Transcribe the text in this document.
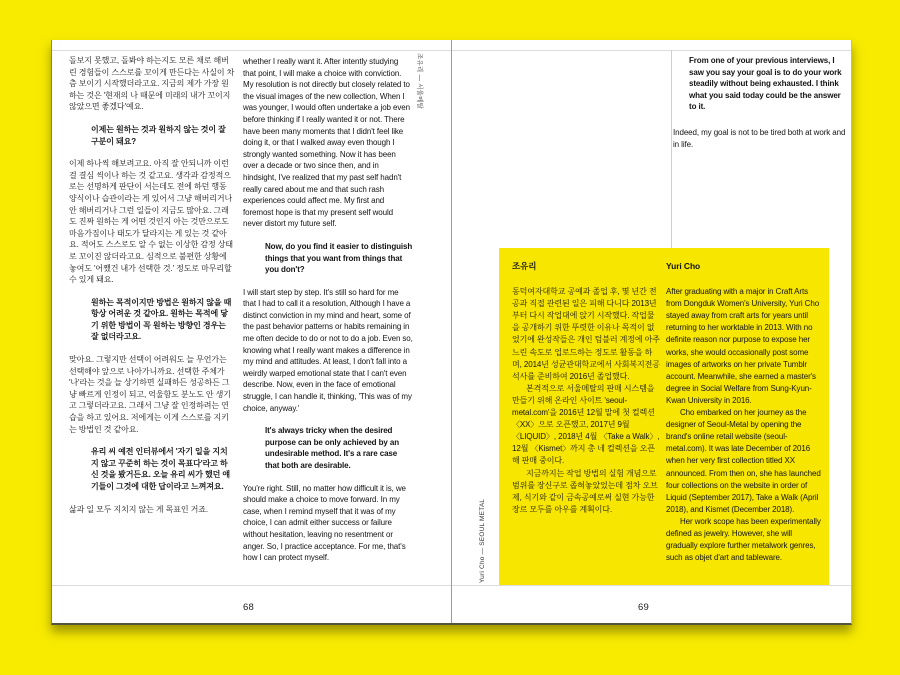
돌보지 못했고, 돌봐야 하는지도 모른 채로 해버린 경험들이 스스로를 꼬이게 만든다는 사실이 차츰 보이기 시작했더라고요. 지금의 제가 가장 원하는 것은 '현재의 나 때문에 미래의 내가 꼬이지 않았으면 좋겠다'예요.

이제는 원하는 것과 원하지 않는 것이 잘 구분이 돼요?

이제 하나씩 해보려고요. 아직 잘 안되니까 이런 걸 결심 씩이나 하는 것 같고요. 생각과 감정적으로는 선명하게 판단이 서는데도 전에 하던 행동 양식이나 습관이라는 게 있어서 그냥 해버리거나 안 해버리거나 그런 일들이 지금도 많아요. 그래도 진짜 원하는 게 어떤 것인지 아는 것만으로도 마음가짐이나 태도가 달라지는 게 있는 것 같아요. 적어도 스스로도 알 수 없는 이상한 감정 상태로 꼬이진 않더라고요. 심적으로 불편한 상황에 놓여도 '어쨌건 내가 선택한 것.' 정도로 마무리할 수 있게 돼요.

원하는 목적이지만 방법은 원하지 않을 때 항상 어려운 것 같아요. 원하는 목적에 닿기 위한 방법이 꼭 원하는 방향인 경우는 잘 없더라고요.

맞아요. 그렇지만 선택이 어려워도 늘 무언가는 선택해야 앞으로 나아가니까요. 선택한 주체가 '나'라는 것을 늘 상기하면 실패하든 성공하든 그냥 빠르게 인정이 되고, 억울함도 분노도 안 생기고 그렇더라고요. 그래서 그냥 잘 인정하려는 연습을 하고 있어요. 저에게는 이게 스스로를 지키는 방법인 것 같아요.

유리 씨 예전 인터뷰에서 '자기 일을 지치지 않고 꾸준히 하는 것이 목표다'라고 하신 것을 봤거든요. 오늘 유리 씨가 했던 얘기들이 그것에 대한 답이라고 느껴져요.

삶과 일 모두 지치지 않는 게 목표인 거죠.

whether I really want it. After intently studying that point, I will make a choice with conviction. My resolution is not directly but closely related to the visual images of the new collection, When I was younger, I would often undertake a job even before thinking if I really wanted it or not. There have been many moments that I didn't feel like doing it, or that I walked away even though I strongly wanted something. Now it has been over a decade or two since then, and in hindsight, I've realized that my past self hadn't really cared about me and that such rash experiences could affect me. My first and foremost hope is that my present self would never distort my future self.

Now, do you find it easier to distinguish things that you want from things that you don't?

I will start step by step. It's still so hard for me that I had to call it a resolution, Although I have a distinct conviction in my mind and heart, some of the past behavior patterns or habits remaining in me often decide to do or not to do a job. Even so, knowing what I really want makes a difference in my mind and attitudes. At least, I don't fall into a weirdly warped emotional state that I can't even describe. Now, even in the face of emotional struggle, I can handle it, thinking, 'This was of my choice, anyway.'

It's always tricky when the desired purpose can be only achieved by an undesirable method. It's a rare case that both are desirable.

You're right. Still, no matter how difficult it is, we should make a choice to move forward. In my case, when I remind myself that it was of my choice, I can admit either success or failure without hesitation, leaving no resentment or anger. So, I practice acceptance. For me, that's how I can protect myself.

조유리 — 서울메탈
68

From one of your previous interviews, I saw you say your goal is to do your work steadily without being exhausted. I think what you said today could be the answer to it.

Indeed, my goal is not to be tired both at work and in life.

조유리

동덕여자대학교 공예과 졸업 후, 몇 년간 전공과 직접 관련된 일은 피해 다니다 2013년부터 다시 작업대에 앉기 시작했다. 작업물을 공개하기 위한 뚜렷한 이유나 목적이 없었기에 완성작들은 개인 텀블러 계정에 아주 느린 속도로 업로드하는 정도로 활동을 하며, 2014년 성균관대학교에서 사회복지전공 석사를 준비하여 2016년 졸업했다.

본격적으로 서울메탈의 판매 시스템을 만들기 위해 온라인 사이트 'seoul-metal.com'을 2016년 12월 말에 첫 컬렉션 〈XX〉으로 오픈했고, 2017년 9월 〈LIQUID〉, 2018년 4월 〈Take a Walk〉, 12월 〈Kismet〉까지 총 네 컬렉션을 오픈해 판매 중이다.

지금까지는 작업 방법의 실험 개념으로 범위를 장신구로 좁혀놓았었는데 점차 오브제, 식기와 같이 금속공예로써 실현 가능한 장르 모두를 아우를 계획이다.

Yuri Cho

After graduating with a major in Craft Arts from Dongduk Women's University, Yuri Cho stayed away from craft arts for years until returning to her worktable in 2013. With no definite reason nor purpose to expose her works, she would occasionally post some images of artworks on her private Tumblr account. Meanwhile, she earned a master's degree in Social Welfare from Sung-Kyun-Kwan University in 2016.

Cho embarked on her journey as the designer of Seoul-Metal by opening the brand's online retail website (seoul-metal.com). It was late December of 2016 when her very first collection titled XX announced. From then on, she has launched four collections on the website in order of Liquid (September 2017), Take a Walk (April 2018), and Kismet (December 2018).

Her work scope has been experimentally defined as jewelry. However, she will gradually explore further metalwork genres, such as objet d'art and tableware.

Yuri Cho — SEOUL METAL
69
